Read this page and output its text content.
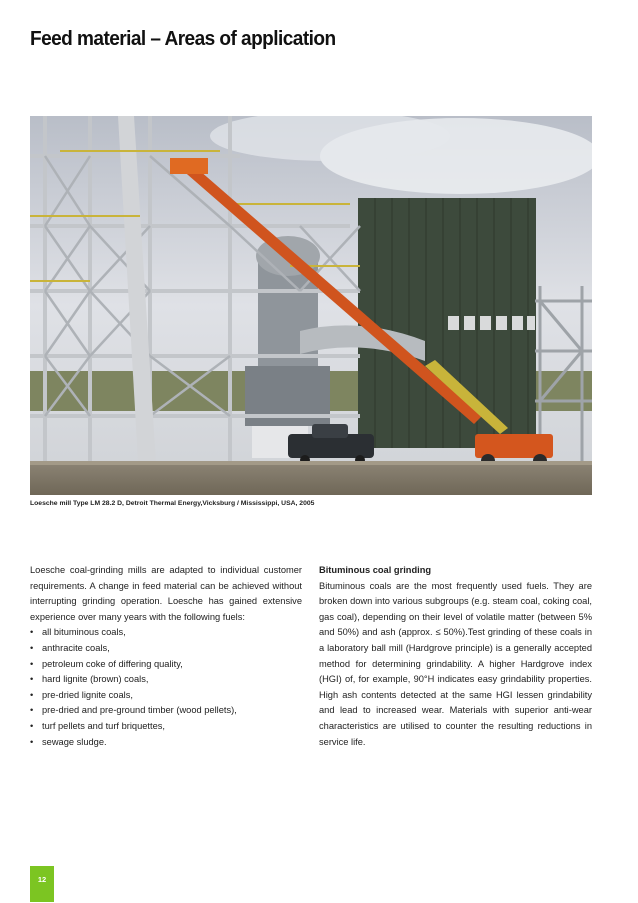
Feed material – Areas of application
Loesche mill Type LM 28.2 D, Detroit Thermal Energy,Vicksburg / Mississippi, USA, 2005

Loesche coal-grinding mills are adapted to individual customer requirements. A change in feed material can be achieved without interrupting grinding operation. Loesche has gained extensive experience over many years with the following fuels:

• all bituminous coals,
• anthracite coals,
• petroleum coke of differing quality,
• hard lignite (brown) coals,
• pre-dried lignite coals,
• pre-dried and pre-ground timber (wood pellets),
• turf pellets and turf briquettes,
• sewage sludge.
Bituminous coal grinding

Bituminous coals are the most frequently used fuels. They are broken down into various subgroups (e.g. steam coal, coking coal, gas coal), depending on their level of volatile matter (between 5% and 50%) and ash (approx. ≤ 50%).Test grinding of these coals in a laboratory ball mill (Hardgrove principle) is a generally accepted method for determining grindability. A higher Hardgrove index (HGI) of, for example, 90°H indicates easy grindability properties. High ash contents detected at the same HGI lessen grindability and lead to increased wear. Materials with superior anti-wear characteristics are utilised to counter the resulting reductions in service life.

12
